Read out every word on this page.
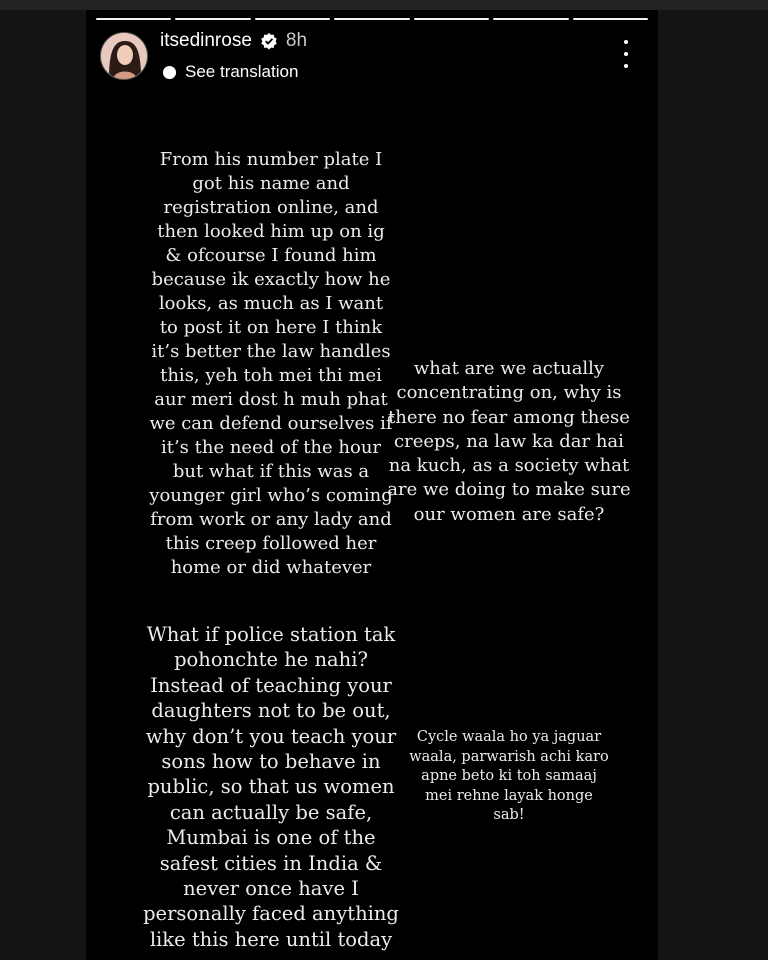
itsedinrose 8h
See translation
From his number plate I
got his name and
registration online, and
then looked him up on ig
& ofcourse I found him
because ik exactly how he
looks, as much as I want
to post it on here I think
it’s better the law handles
this, yeh toh mei thi mei
aur meri dost h muh phat
we can defend ourselves if
it’s the need of the hour
but what if this was a
younger girl who’s coming
from work or any lady and
this creep followed her
home or did whatever
what are we actually
concentrating on, why is
there no fear among these
creeps, na law ka dar hai
na kuch, as a society what
are we doing to make sure
our women are safe?
What if police station tak
pohonchte he nahi?
Instead of teaching your
daughters not to be out,
why don’t you teach your
sons how to behave in
public, so that us women
can actually be safe,
Mumbai is one of the
safest cities in India &
never once have I
personally faced anything
like this here until today
Cycle waala ho ya jaguar
waala, parwarish achi karo
apne beto ki toh samaaj
mei rehne layak honge
sab!
